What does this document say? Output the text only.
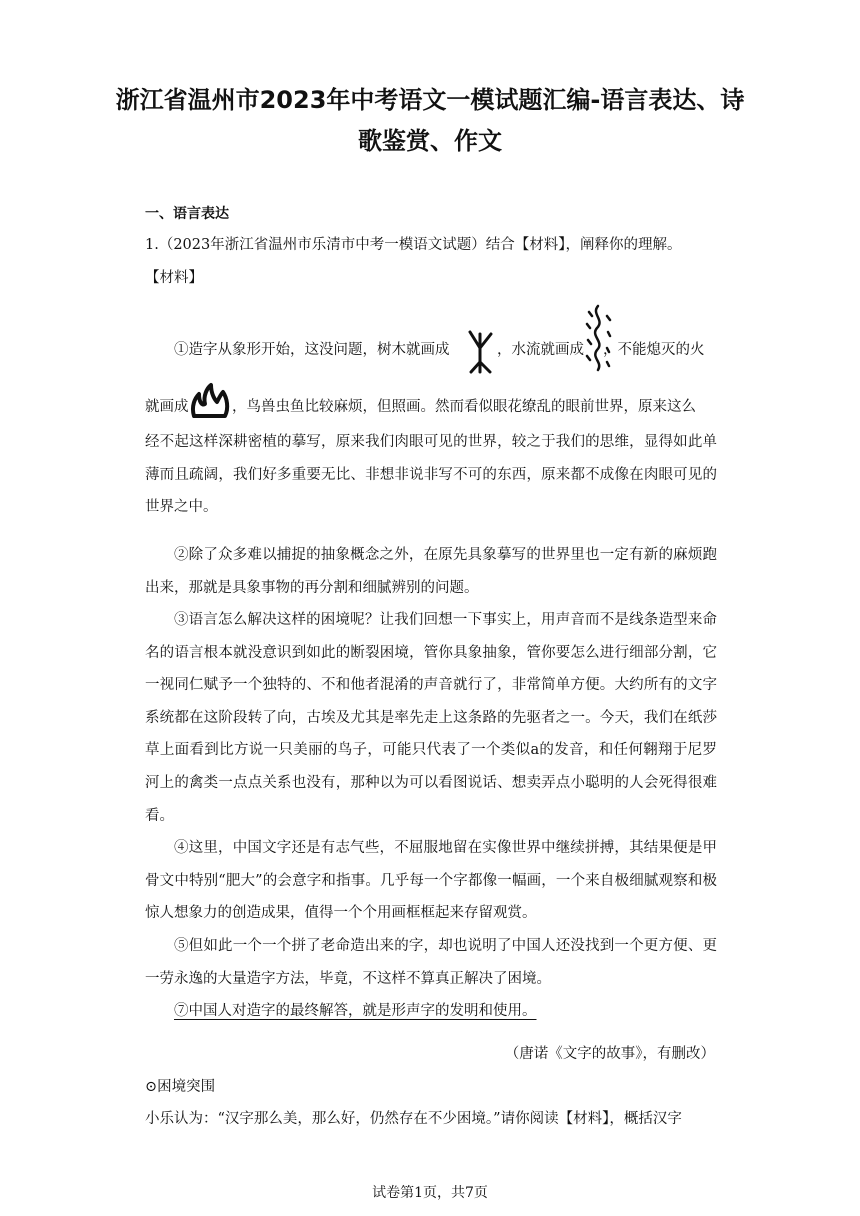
浙江省温州市2023年中考语文一模试题汇编-语言表达、诗
歌鉴赏、作文
一、语言表达
1.（2023年浙江省温州市乐清市中考一模语文试题）结合【材料】，阐释你的理解。
【材料】
①造字从象形开始，这没问题，树木就画成	，水流就画成 ，不能熄灭的火
就画成	，鸟兽虫鱼比较麻烦，但照画。然而看似眼花缭乱的眼前世界，原来这么
经不起这样深耕密植的摹写，原来我们肉眼可见的世界，较之于我们的思维，显得如此单薄而且疏阔，我们好多重要无比、非想非说非写不可的东西，原来都不成像在肉眼可见的世界之中。
②除了众多难以捕捉的抽象概念之外，在原先具象摹写的世界里也一定有新的麻烦跑出来，那就是具象事物的再分割和细腻辨别的问题。
③语言怎么解决这样的困境呢？让我们回想一下事实上，用声音而不是线条造型来命名的语言根本就没意识到如此的断裂困境，管你具象抽象，管你要怎么进行细部分割，它一视同仁赋予一个独特的、不和他者混淆的声音就行了，非常简单方便。大约所有的文字系统都在这阶段转了向，古埃及尤其是率先走上这条路的先驱者之一。今天，我们在纸莎草上面看到比方说一只美丽的鸟子，可能只代表了一个类似a的发音，和任何翱翔于尼罗河上的禽类一点点关系也没有，那种以为可以看图说话、想卖弄点小聪明的人会死得很难看。
④这里，中国文字还是有志气些，不屈服地留在实像世界中继续拼搏，其结果便是甲骨文中特别“肥大”的会意字和指事。几乎每一个字都像一幅画，一个来自极细腻观察和极惊人想象力的创造成果，值得一个个用画框框起来存留观赏。
⑤但如此一个一个拼了老命造出来的字，却也说明了中国人还没找到一个更方便、更一劳永逸的大量造字方法，毕竟，不这样不算真正解决了困境。
⑦中国人对造字的最终解答，就是形声字的发明和使用。
（唐诺《文字的故事》，有删改）
⊙困境突围
小乐认为：“汉字那么美，那么好，仍然存在不少困境。”请你阅读【材料】，概括汉字
试卷第1页，共7页
